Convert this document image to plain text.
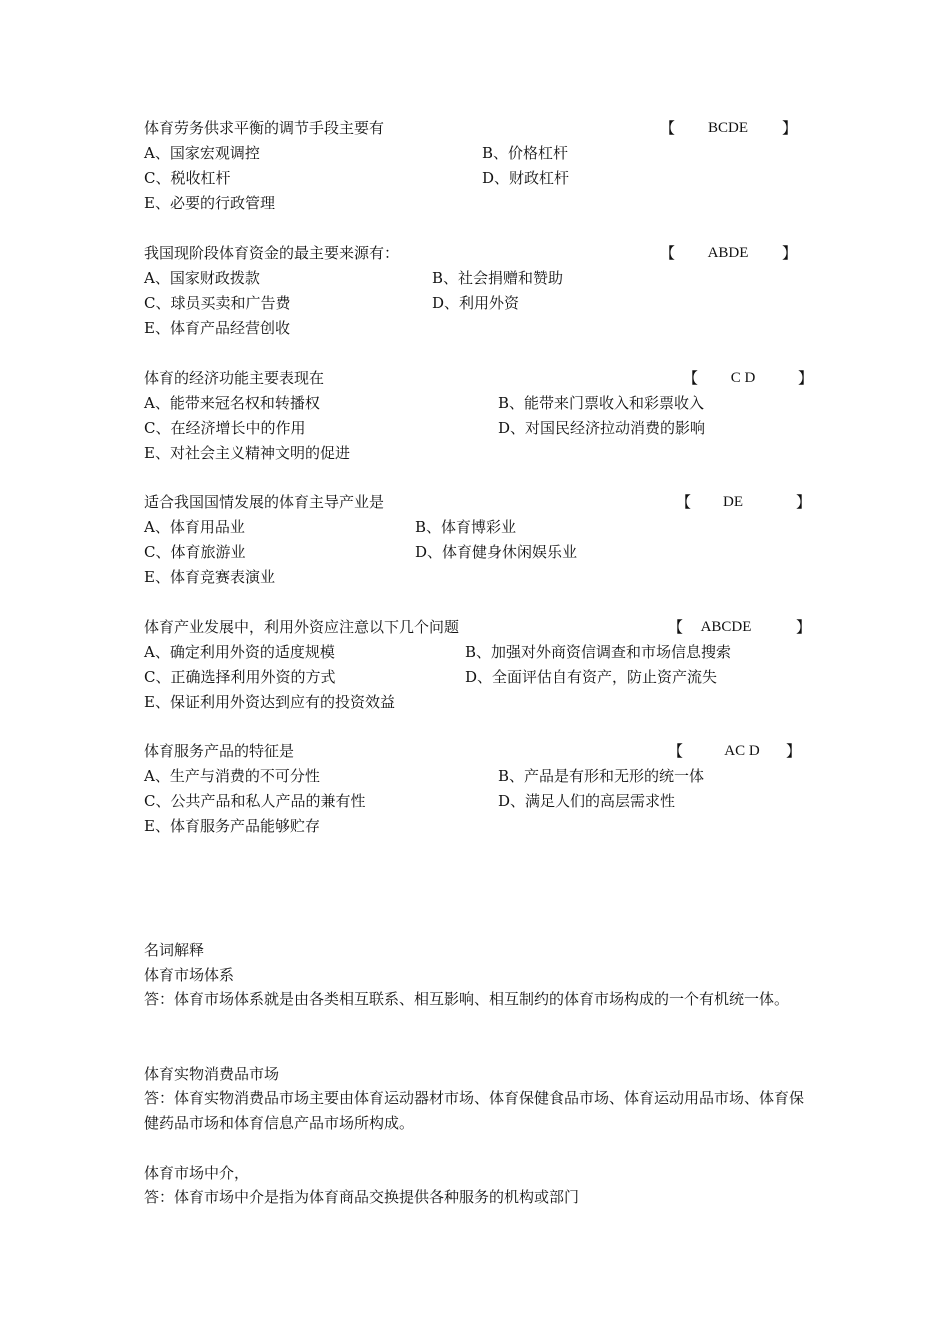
体育劳务供求平衡的调节手段主要有	【	BCDE	】
A、国家宏观调控	B、价格杠杆
C、税收杠杆	D、财政杠杆
E、必要的行政管理
我国现阶段体育资金的最主要来源有：	【	ABDE	】
A、国家财政拨款	B、社会捐赠和赞助
C、球员买卖和广告费	D、利用外资
E、体育产品经营创收
体育的经济功能主要表现在	【	C D	】
A、能带来冠名权和转播权	B、能带来门票收入和彩票收入
C、在经济增长中的作用	D、对国民经济拉动消费的影响
E、对社会主义精神文明的促进
适合我国国情发展的体育主导产业是	【	DE	】
A、体育用品业	B、体育博彩业
C、体育旅游业	D、体育健身休闲娱乐业
E、体育竞赛表演业
体育产业发展中，利用外资应注意以下几个问题	【	ABCDE	】
A、确定利用外资的适度规模	B、加强对外商资信调查和市场信息搜索
C、正确选择利用外资的方式	D、全面评估自有资产，防止资产流失
E、保证利用外资达到应有的投资效益
体育服务产品的特征是	【	AC D	】
A、生产与消费的不可分性	B、产品是有形和无形的统一体
C、公共产品和私人产品的兼有性	D、满足人们的高层需求性
E、体育服务产品能够贮存
名词解释
体育市场体系
答：体育市场体系就是由各类相互联系、相互影响、相互制约的体育市场构成的一个有机统一体。
体育实物消费品市场
答：体育实物消费品市场主要由体育运动器材市场、体育保健食品市场、体育运动用品市场、体育保健药品市场和体育信息产品市场所构成。
体育市场中介，
答：体育市场中介是指为体育商品交换提供各种服务的机构或部门
